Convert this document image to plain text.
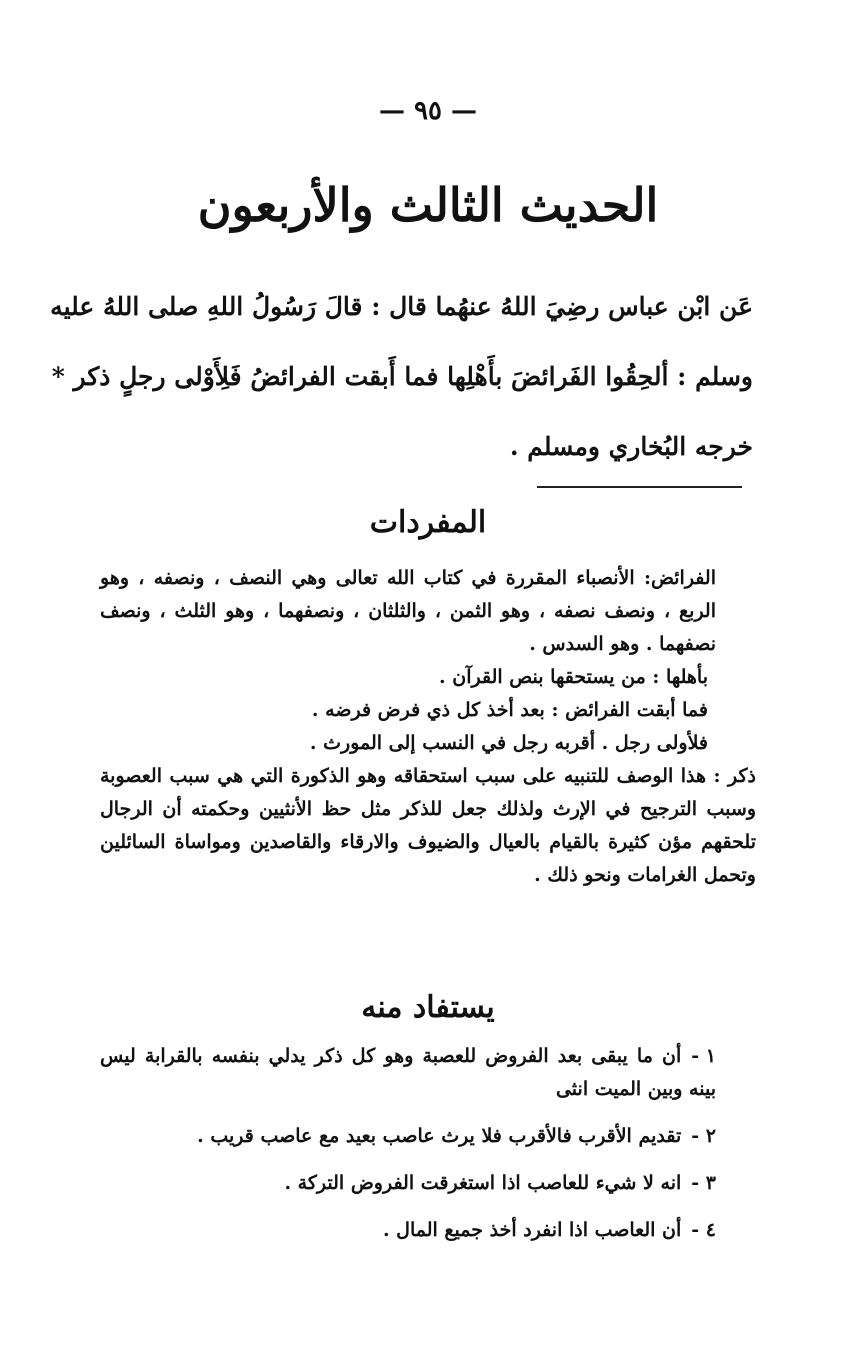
— ٩٥ —
الحديث الثالث والأربعون
عَن ابْن عباس رضِيَ اللهُ عنهُما قال : قالَ رَسُولُ اللهِ صلى اللهُ عليه
وسلم : ألحِقُوا الفَرائضَ بأَهْلِها فما أَبقت الفرائضُ فَلِأَوْلى رجلٍ ذكر *
خرجه البُخاري ومسلم .
المفردات

الفرائض: الأنصباء المقررة في كتاب الله تعالى وهي النصف ، ونصفه ، وهو الربع ، ونصف نصفه ، وهو الثمن ، والثلثان ، ونصفهما ، وهو الثلث ، ونصف نصفهما . وهو السدس .

بأهلها : من يستحقها بنص القرآن .

فما أبقت الفرائض : بعد أخذ كل ذي فرض فرضه .

فلأولى رجل . أقربه رجل في النسب إلى المورث .

ذكر : هذا الوصف للتنبيه على سبب استحقاقه وهو الذكورة التي هي سبب العصوبة وسبب الترجيح في الإرث ولذلك جعل للذكر مثل حظ الأنثيين وحكمته أن الرجال تلحقهم مؤن كثيرة بالقيام بالعيال والضيوف والارقاء والقاصدين ومواساة السائلين وتحمل الغرامات ونحو ذلك .

يستفاد منه

١ -أن ما يبقى بعد الفروض للعصبة وهو كل ذكر يدلي بنفسه بالقرابة ليس بينه وبين الميت انثى

٢ -تقديم الأقرب فالأقرب فلا يرث عاصب بعيد مع عاصب قريب .

٣ -انه لا شيء للعاصب اذا استغرقت الفروض التركة .

٤ -أن العاصب اذا انفرد أخذ جميع المال .
